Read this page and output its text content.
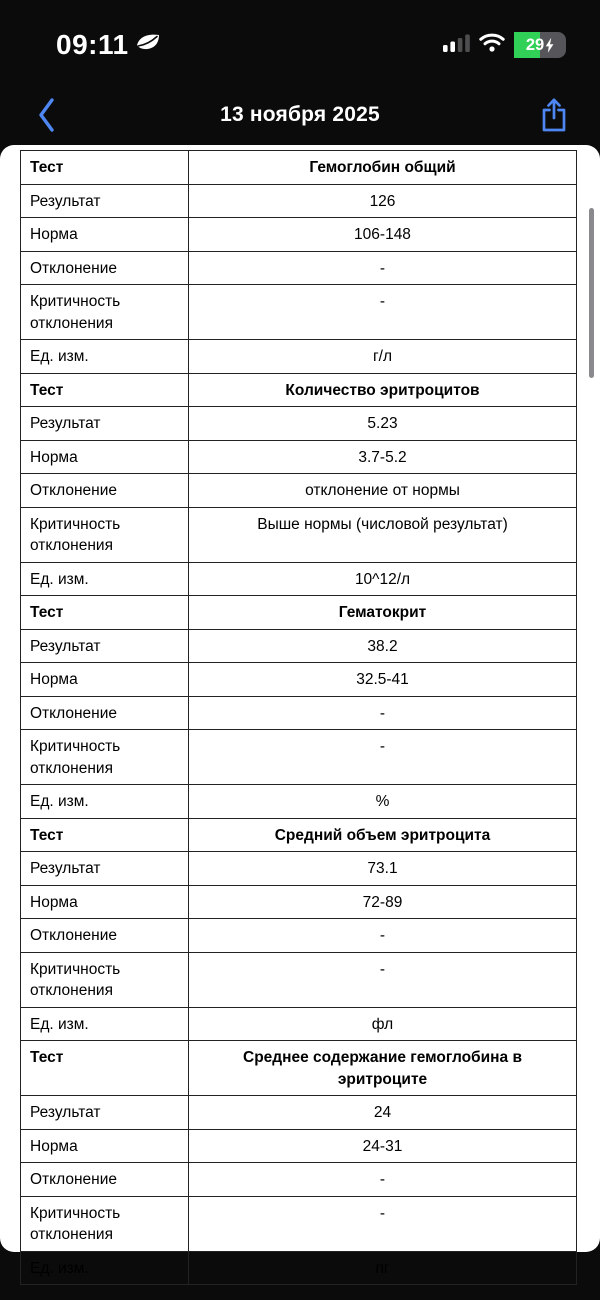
09:11	29
13 ноября 2025
Тест	Гемоглобин общий
Результат	126
Норма	106-148
Отклонение	-
Критичность отклонения	-
Ед. изм.	г/л
Тест	Количество эритроцитов
Результат	5.23
Норма	3.7-5.2
Отклонение	отклонение от нормы
Критичность отклонения	Выше нормы (числовой результат)
Ед. изм.	10^12/л
Тест	Гематокрит
Результат	38.2
Норма	32.5-41
Отклонение	-
Критичность отклонения	-
Ед. изм.	%
Тест	Средний объем эритроцита
Результат	73.1
Норма	72-89
Отклонение	-
Критичность отклонения	-
Ед. изм.	фл
Тест	Среднее содержание гемоглобина в эритроците
Результат	24
Норма	24-31
Отклонение	-
Критичность отклонения	-
Ед. изм.	пг
